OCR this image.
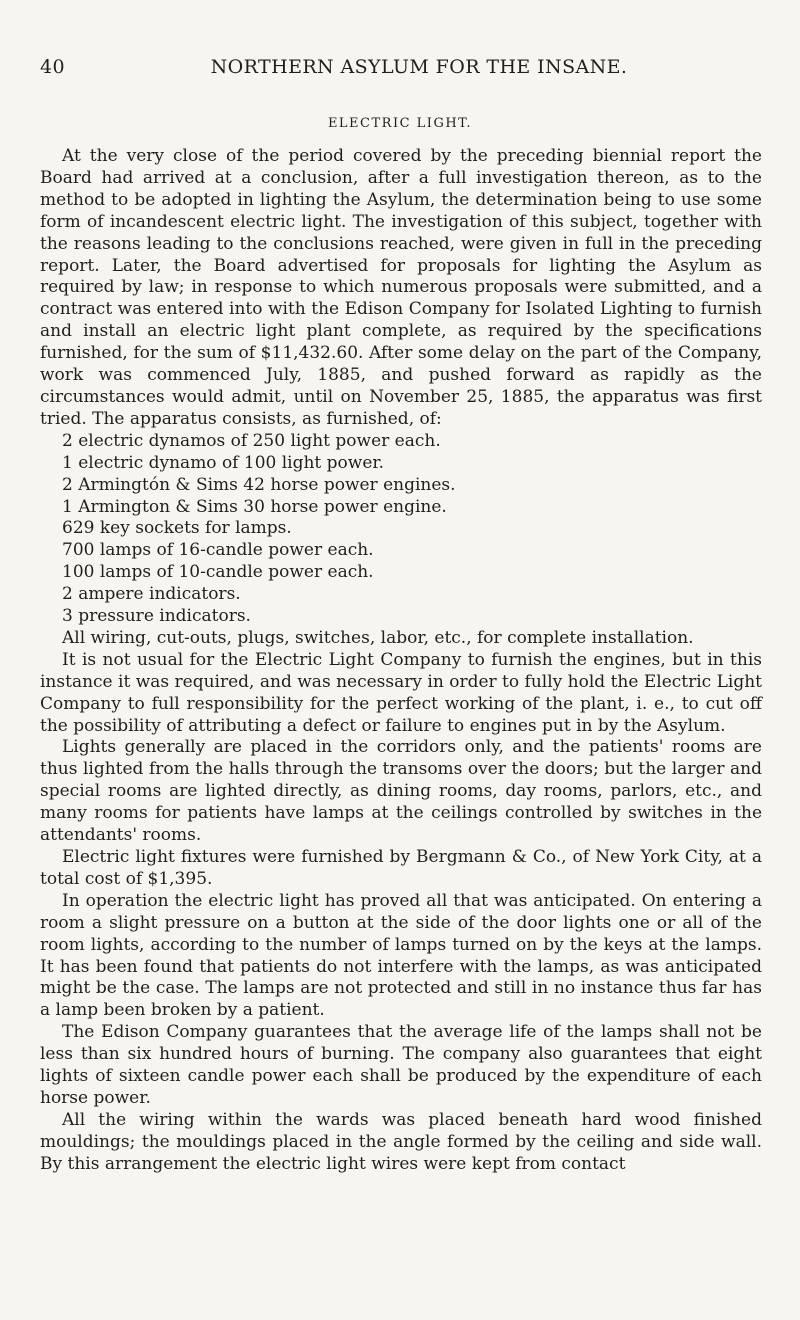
40	NORTHERN ASYLUM FOR THE INSANE.
ELECTRIC LIGHT.

At the very close of the period covered by the preceding biennial report the Board had arrived at a conclusion, after a full investigation thereon, as to the method to be adopted in lighting the Asylum, the determination being to use some form of incandescent electric light. The investigation of this subject, together with the reasons leading to the conclusions reached, were given in full in the preceding report. Later, the Board advertised for proposals for lighting the Asylum as required by law; in response to which numerous proposals were submitted, and a contract was entered into with the Edison Company for Isolated Lighting to furnish and install an electric light plant complete, as required by the specifications furnished, for the sum of $11,432.60. After some delay on the part of the Company, work was commenced July, 1885, and pushed forward as rapidly as the circumstances would admit, until on November 25, 1885, the apparatus was first tried. The apparatus consists, as furnished, of:

2 electric dynamos of 250 light power each.
1 electric dynamo of 100 light power.
2 Armingtón & Sims 42 horse power engines.
1 Armington & Sims 30 horse power engine.
629 key sockets for lamps.
700 lamps of 16-candle power each.
100 lamps of 10-candle power each.
2 ampere indicators.
3 pressure indicators.

All wiring, cut-outs, plugs, switches, labor, etc., for complete installation.

It is not usual for the Electric Light Company to furnish the engines, but in this instance it was required, and was necessary in order to fully hold the Electric Light Company to full responsibility for the perfect working of the plant, i. e., to cut off the possibility of attributing a defect or failure to engines put in by the Asylum.

Lights generally are placed in the corridors only, and the patients' rooms are thus lighted from the halls through the transoms over the doors; but the larger and special rooms are lighted directly, as dining rooms, day rooms, parlors, etc., and many rooms for patients have lamps at the ceilings controlled by switches in the attendants' rooms.

Electric light fixtures were furnished by Bergmann & Co., of New York City, at a total cost of $1,395.

In operation the electric light has proved all that was anticipated. On entering a room a slight pressure on a button at the side of the door lights one or all of the room lights, according to the number of lamps turned on by the keys at the lamps. It has been found that patients do not interfere with the lamps, as was anticipated might be the case. The lamps are not protected and still in no instance thus far has a lamp been broken by a patient.

The Edison Company guarantees that the average life of the lamps shall not be less than six hundred hours of burning. The company also guarantees that eight lights of sixteen candle power each shall be produced by the expenditure of each horse power.

All the wiring within the wards was placed beneath hard wood finished mouldings; the mouldings placed in the angle formed by the ceiling and side wall. By this arrangement the electric light wires were kept from contact
